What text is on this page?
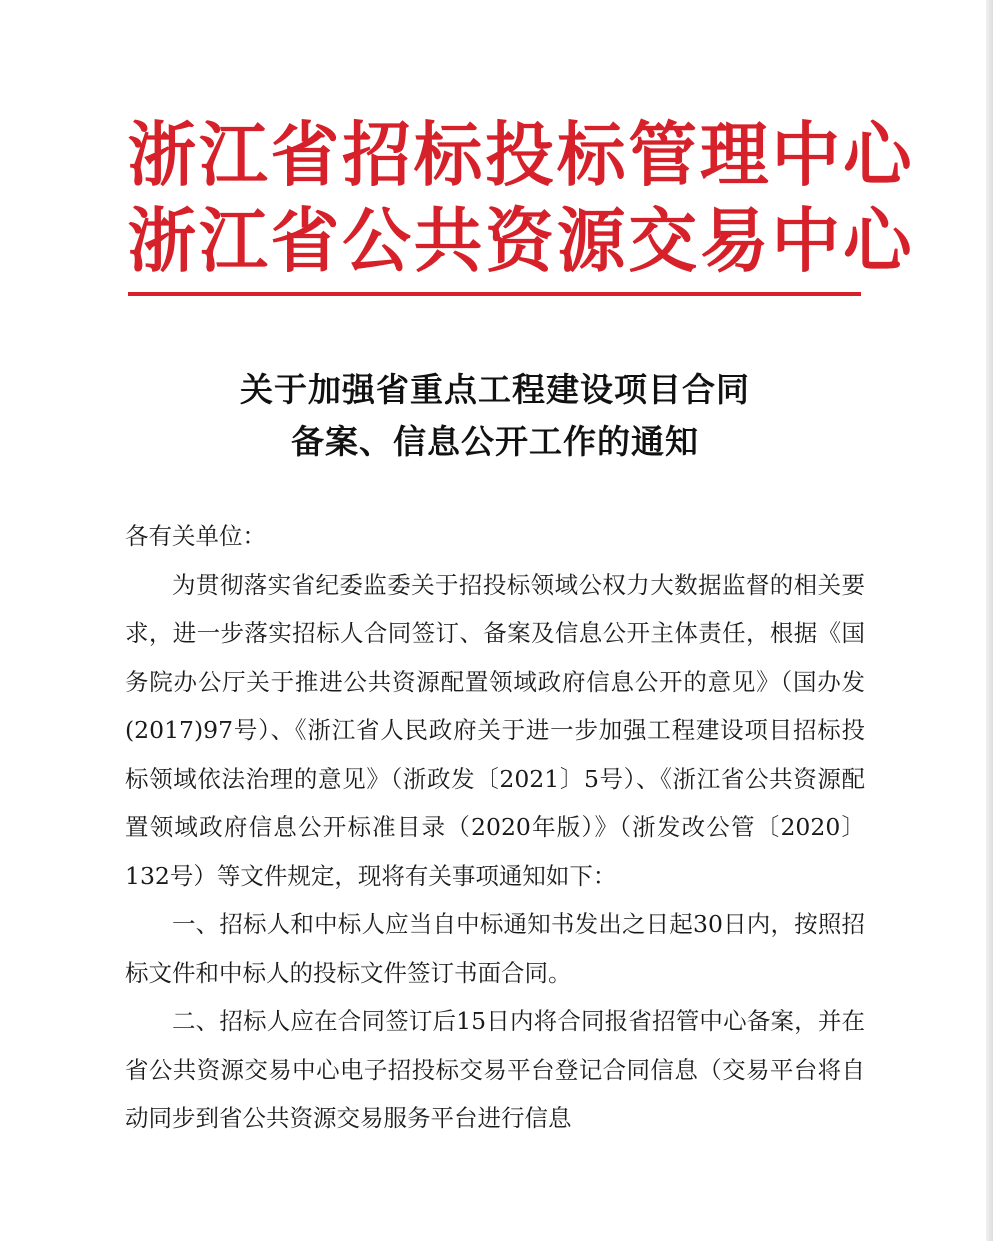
浙江省招标投标管理中心
浙江省公共资源交易中心
关于加强省重点工程建设项目合同
备案、信息公开工作的通知

各有关单位：

为贯彻落实省纪委监委关于招投标领域公权力大数据监督的相关要求，进一步落实招标人合同签订、备案及信息公开主体责任，根据《国务院办公厅关于推进公共资源配置领域政府信息公开的意见》（国办发(2017)97号）、《浙江省人民政府关于进一步加强工程建设项目招标投标领域依法治理的意见》（浙政发〔2021〕5号）、《浙江省公共资源配置领域政府信息公开标准目录（2020年版）》（浙发改公管〔2020〕132号）等文件规定，现将有关事项通知如下：

一、招标人和中标人应当自中标通知书发出之日起30日内，按照招标文件和中标人的投标文件签订书面合同。

二、招标人应在合同签订后15日内将合同报省招管中心备案，并在省公共资源交易中心电子招投标交易平台登记合同信息（交易平台将自动同步到省公共资源交易服务平台进行信息
